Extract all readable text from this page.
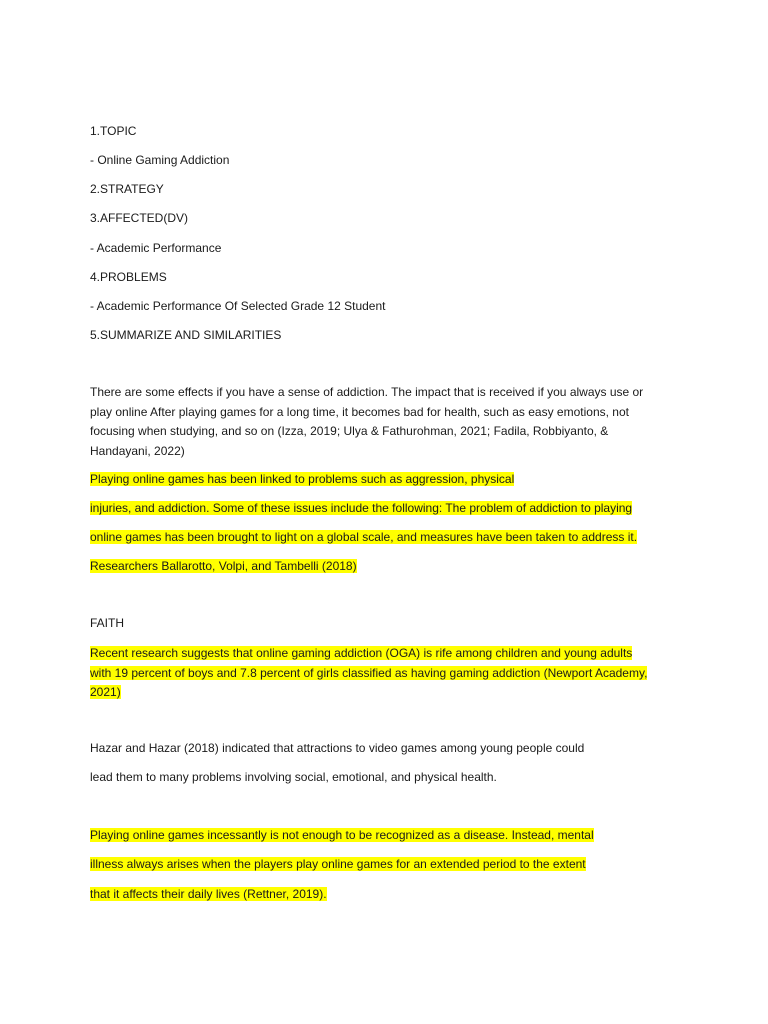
1.TOPIC
- Online Gaming Addiction
2.STRATEGY
3.AFFECTED(DV)
- Academic Performance
4.PROBLEMS
- Academic Performance Of Selected Grade 12 Student
5.SUMMARIZE AND SIMILARITIES
There are some effects if you have a sense of addiction. The impact that is received if you always use or
play online After playing games for a long time, it becomes bad for health, such as easy emotions, not
focusing when studying, and so on (Izza, 2019; Ulya & Fathurohman, 2021; Fadila, Robbiyanto, &
Handayani, 2022)
Playing online games has been linked to problems such as aggression, physical
injuries, and addiction. Some of these issues include the following: The problem of addiction to playing
online games has been brought to light on a global scale, and measures have been taken to address it.
Researchers Ballarotto, Volpi, and Tambelli (2018)
FAITH
Recent research suggests that online gaming addiction (OGA) is rife among children and young adults
with 19 percent of boys and 7.8 percent of girls classified as having gaming addiction (Newport Academy,
2021)
Hazar and Hazar (2018) indicated that attractions to video games among young people could
lead them to many problems involving social, emotional, and physical health.
Playing online games incessantly is not enough to be recognized as a disease. Instead, mental
illness always arises when the players play online games for an extended period to the extent
that it affects their daily lives (Rettner, 2019).
